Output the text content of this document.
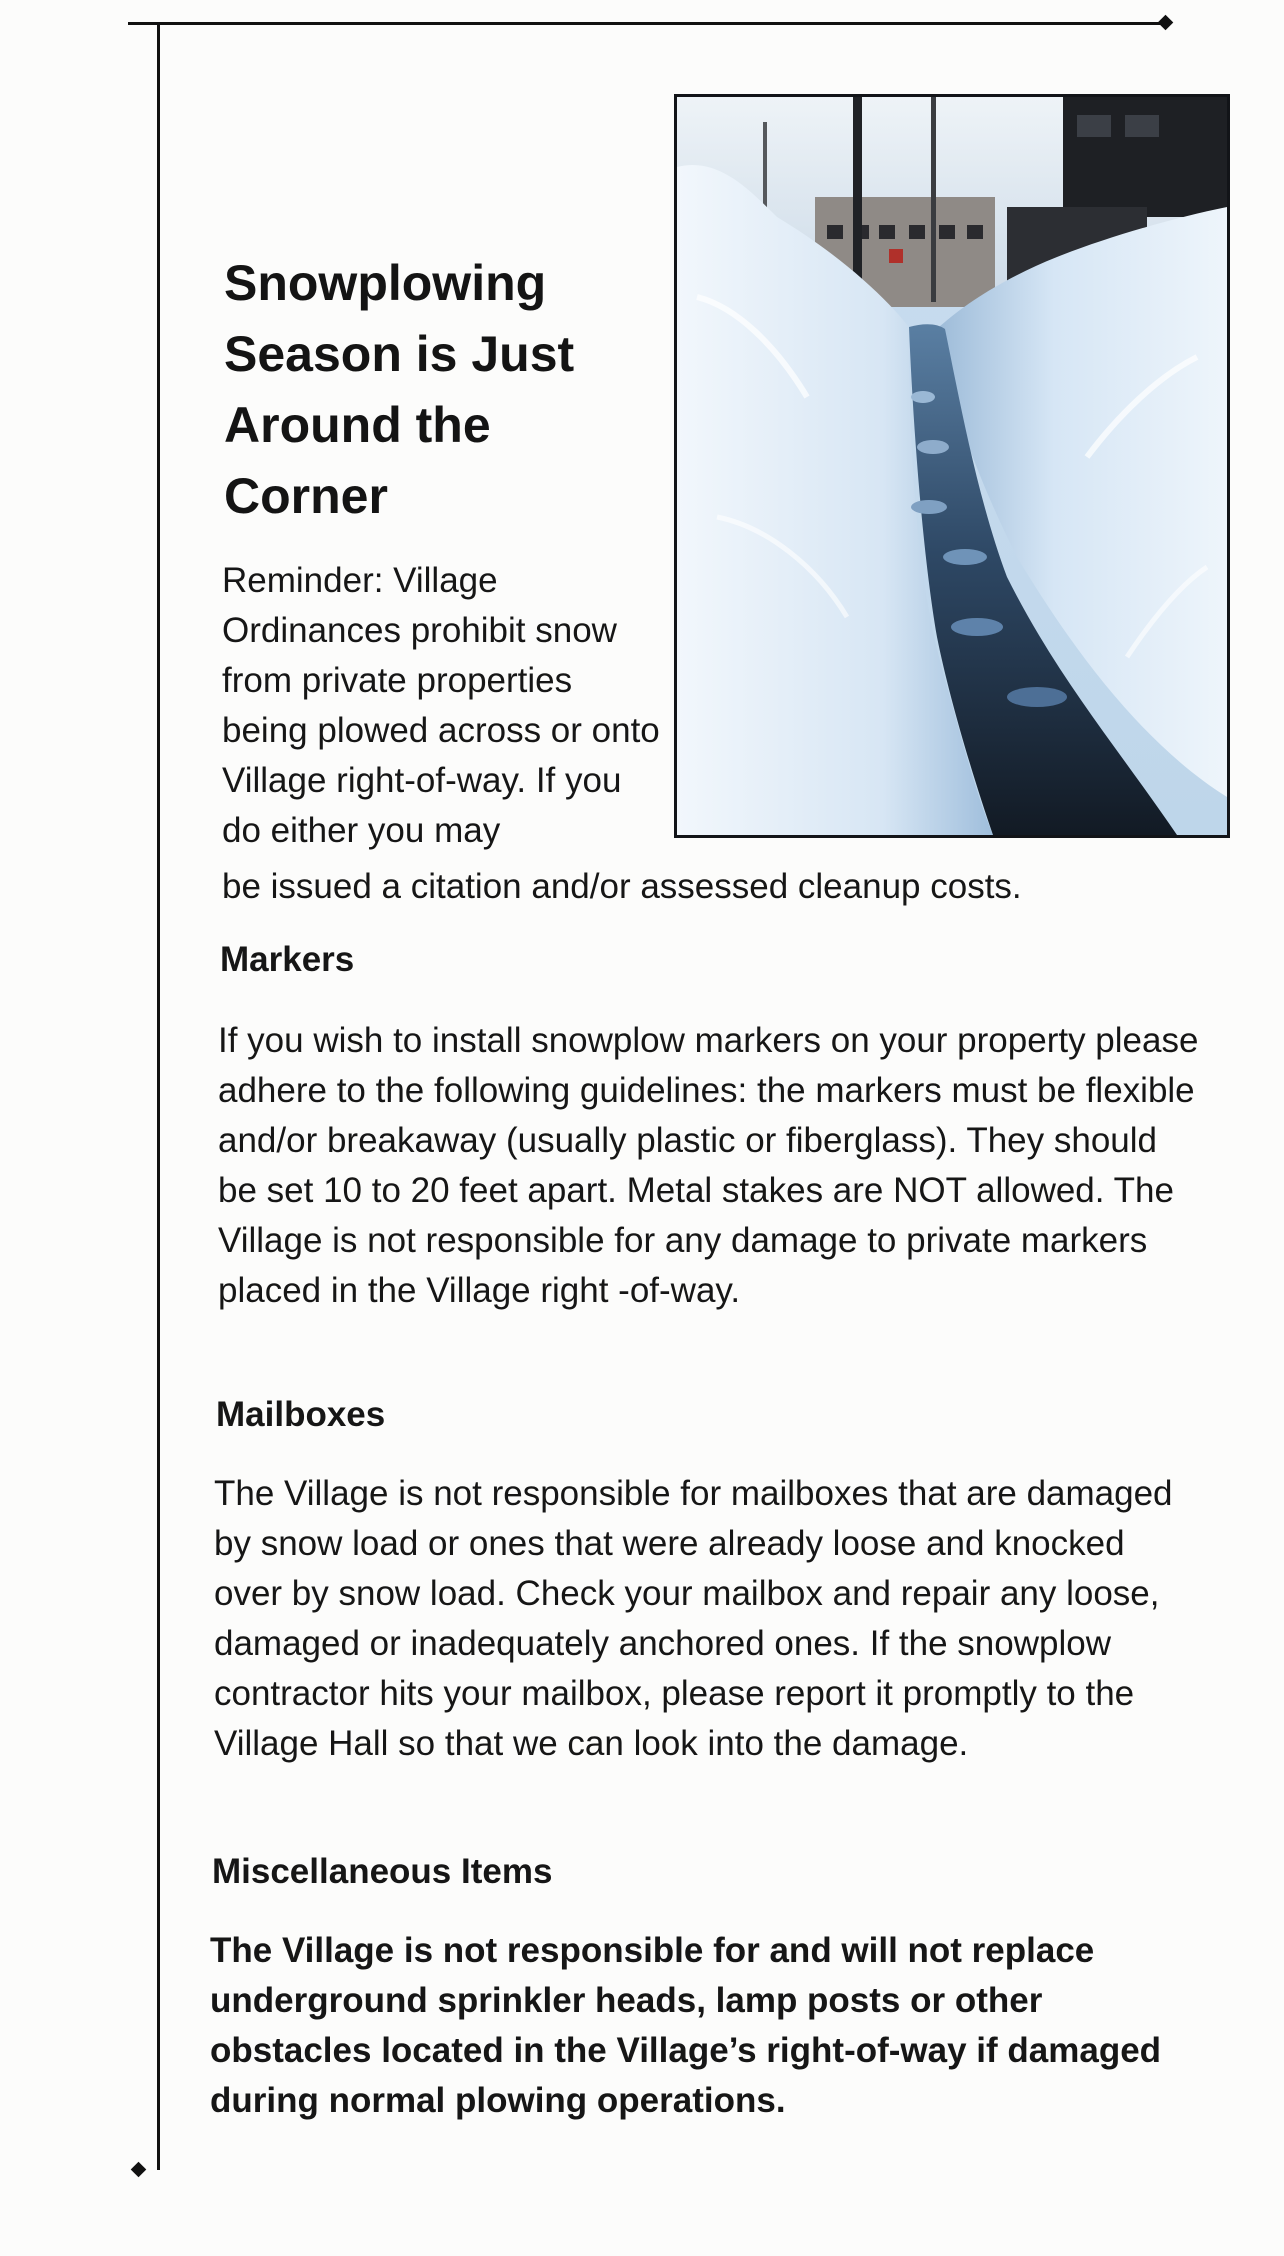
Snowplowing Season is Just Around the Corner

Reminder: Village Ordinances prohibit snow from private properties being plowed across or onto Village right-of-way. If you do either you may

be issued a citation and/or assessed cleanup costs.

Markers

If you wish to install snowplow markers on your property please adhere to the following guidelines: the markers must be flexible and/or breakaway (usually plastic or fiberglass). They should be set 10 to 20 feet apart. Metal stakes are NOT allowed. The Village is not responsible for any damage to private markers placed in the Village right -of-way.

Mailboxes

The Village is not responsible for mailboxes that are damaged by snow load or ones that were already loose and knocked over by snow load. Check your mailbox and repair any loose, damaged or inadequately anchored ones. If the snowplow contractor hits your mailbox, please report it promptly to the Village Hall so that we can look into the damage.

Miscellaneous Items

The Village is not responsible for and will not replace underground sprinkler heads, lamp posts or other obstacles located in the Village’s right-of-way if damaged during normal plowing operations.
